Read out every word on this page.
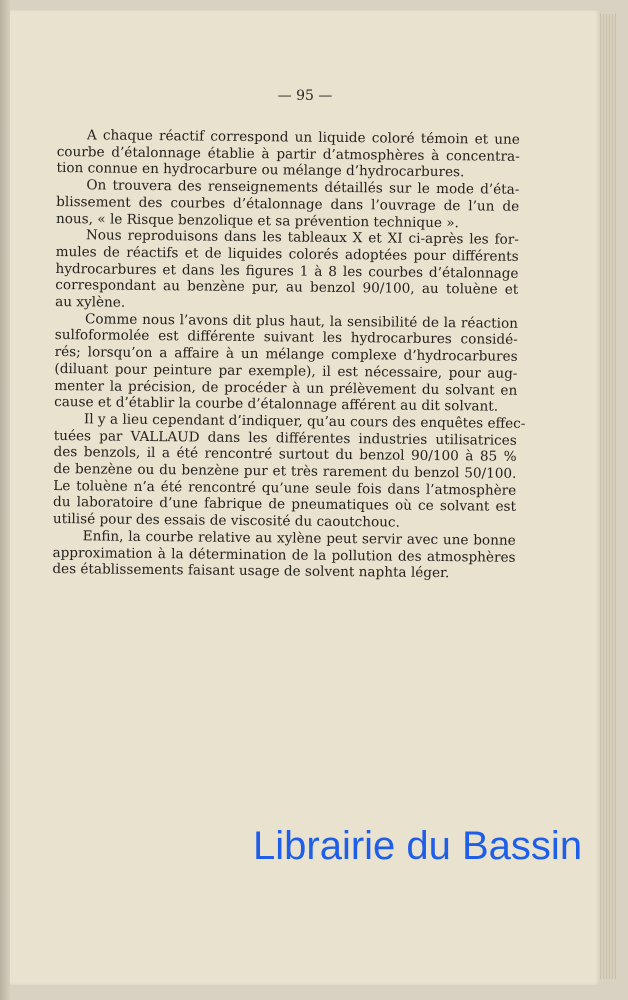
— 95 —
A chaque réactif correspond un liquide coloré témoin et une
courbe d’étalonnage établie à partir d’atmosphères à concentra-
tion connue en hydrocarbure ou mélange d’hydrocarbures.
On trouvera des renseignements détaillés sur le mode d’éta-
blissement des courbes d’étalonnage dans l’ouvrage de l’un de
nous, « le Risque benzolique et sa prévention technique ».
Nous reproduisons dans les tableaux X et XI ci-après les for-
mules de réactifs et de liquides colorés adoptées pour différents
hydrocarbures et dans les figures 1 à 8 les courbes d’étalonnage
correspondant au benzène pur, au benzol 90/100, au toluène et
au xylène.
Comme nous l’avons dit plus haut, la sensibilité de la réaction
sulfoformolée est différente suivant les hydrocarbures considé-
rés; lorsqu’on a affaire à un mélange complexe d’hydrocarbures
(diluant pour peinture par exemple), il est nécessaire, pour aug-
menter la précision, de procéder à un prélèvement du solvant en
cause et d’établir la courbe d’étalonnage afférent au dit solvant.
Il y a lieu cependant d’indiquer, qu’au cours des enquêtes effec-
tuées par VALLAUD dans les différentes industries utilisatrices
des benzols, il a été rencontré surtout du benzol 90/100 à 85 %
de benzène ou du benzène pur et très rarement du benzol 50/100.
Le toluène n’a été rencontré qu’une seule fois dans l’atmosphère
du laboratoire d’une fabrique de pneumatiques où ce solvant est
utilisé pour des essais de viscosité du caoutchouc.
Enfin, la courbe relative au xylène peut servir avec une bonne
approximation à la détermination de la pollution des atmosphères
des établissements faisant usage de solvent naphta léger.
Librairie du Bassin
